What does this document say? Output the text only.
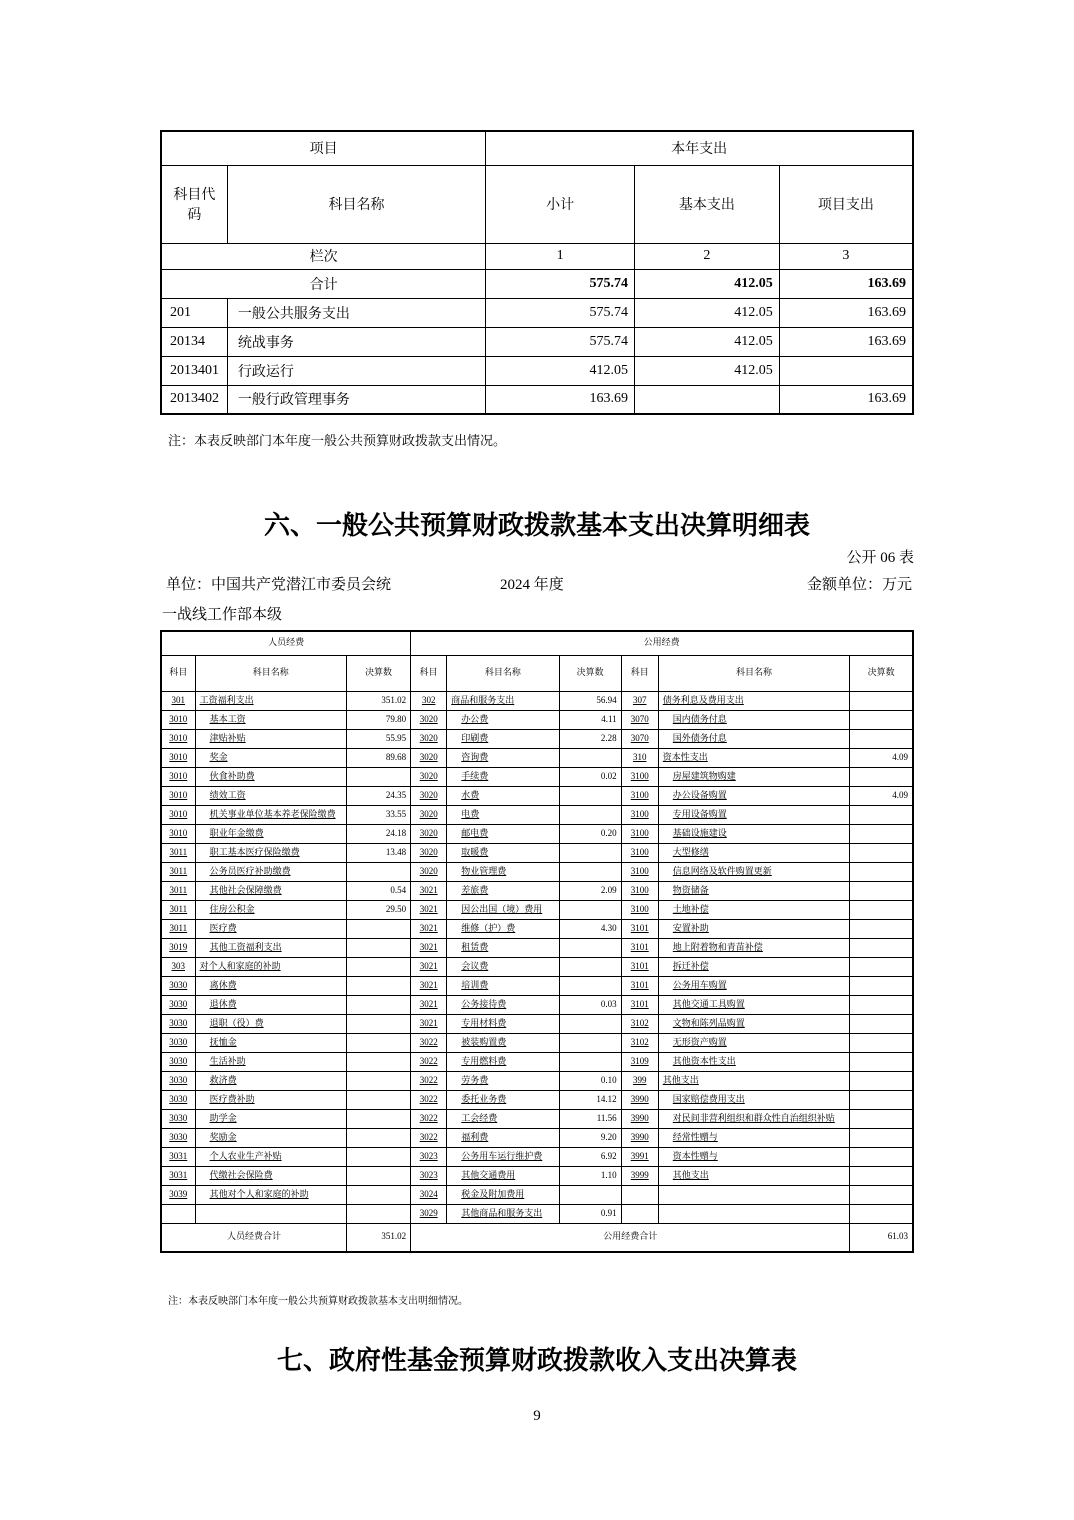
项目		本年支出		
科目代码	科目名称	小计	基本支出	项目支出
栏次		1	2	3
合计		575.74	412.05	163.69
201	一般公共服务支出	575.74	412.05	163.69
20134	统战事务	575.74	412.05	163.69
2013401	行政运行	412.05	412.05	
2013402	一般行政管理事务	163.69		163.69
注：本表反映部门本年度一般公共预算财政拨款支出情况。
六、一般公共预算财政拨款基本支出决算明细表
公开 06 表
单位：中国共产党潜江市委员会统	2024 年度	金额单位：万元
一战线工作部本级
人员经费			公用经费					
科目	科目名称	决算数	科目	科目名称	决算数	科目	科目名称	决算数
301	工资福利支出	351.02	302	商品和服务支出	56.94	307	债务利息及费用支出	
3010	基本工资	79.80	3020	办公费	4.11	3070	国内债务付息	
3010	津贴补贴	55.95	3020	印刷费	2.28	3070	国外债务付息	
3010	奖金	89.68	3020	咨询费		310	资本性支出	4.09
3010	伙食补助费		3020	手续费	0.02	3100	房屋建筑物购建	
3010	绩效工资	24.35	3020	水费		3100	办公设备购置	4.09
3010	机关事业单位基本养老保险缴费	33.55	3020	电费		3100	专用设备购置	
3010	职业年金缴费	24.18	3020	邮电费	0.20	3100	基础设施建设	
3011	职工基本医疗保险缴费	13.48	3020	取暖费		3100	大型修缮	
3011	公务员医疗补助缴费		3020	物业管理费		3100	信息网络及软件购置更新	
3011	其他社会保障缴费	0.54	3021	差旅费	2.09	3100	物资储备	
3011	住房公积金	29.50	3021	因公出国（境）费用		3100	土地补偿	
3011	医疗费		3021	维修（护）费	4.30	3101	安置补助	
3019	其他工资福利支出		3021	租赁费		3101	地上附着物和青苗补偿	
303	对个人和家庭的补助		3021	会议费		3101	拆迁补偿	
3030	离休费		3021	培训费		3101	公务用车购置	
3030	退休费		3021	公务接待费	0.03	3101	其他交通工具购置	
3030	退职（役）费		3021	专用材料费		3102	文物和陈列品购置	
3030	抚恤金		3022	被装购置费		3102	无形资产购置	
3030	生活补助		3022	专用燃料费		3109	其他资本性支出	
3030	救济费		3022	劳务费	0.10	399	其他支出	
3030	医疗费补助		3022	委托业务费	14.12	3990	国家赔偿费用支出	
3030	助学金		3022	工会经费	11.56	3990	对民间非营利组织和群众性自治组织补贴	
3030	奖励金		3022	福利费	9.20	3990	经常性赠与	
3031	个人农业生产补贴		3023	公务用车运行维护费	6.92	3991	资本性赠与	
3031	代缴社会保险费		3023	其他交通费用	1.10	3999	其他支出	
3039	其他对个人和家庭的补助		3024	税金及附加费用				
			3029	其他商品和服务支出	0.91			
人员经费合计		351.02	公用经费合计					61.03
注：本表反映部门本年度一般公共预算财政拨款基本支出明细情况。
七、政府性基金预算财政拨款收入支出决算表
9
